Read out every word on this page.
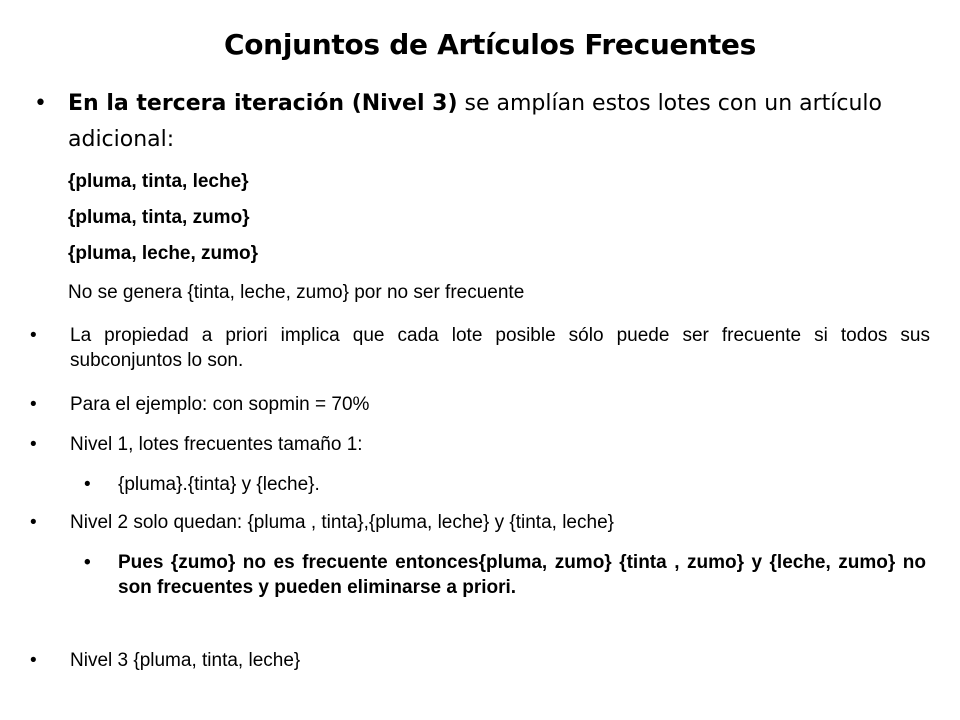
Conjuntos de Artículos Frecuentes
• En la tercera iteración (Nivel 3) se amplían estos lotes con un artículo adicional:
{pluma, tinta, leche}
{pluma, tinta, zumo}
{pluma, leche, zumo}
No se genera {tinta, leche, zumo} por no ser frecuente
• La propiedad a priori implica que cada lote posible sólo puede ser frecuente si todos sus subconjuntos lo son.
• Para el ejemplo: con sopmin = 70%
• Nivel 1, lotes frecuentes tamaño 1:
• {pluma}.{tinta} y {leche}.
• Nivel 2 solo quedan: {pluma , tinta},{pluma, leche} y {tinta, leche}
• Pues {zumo} no es frecuente entonces{pluma, zumo} {tinta , zumo} y {leche, zumo} no son frecuentes y pueden eliminarse a priori.
• Nivel 3 {pluma, tinta, leche}
